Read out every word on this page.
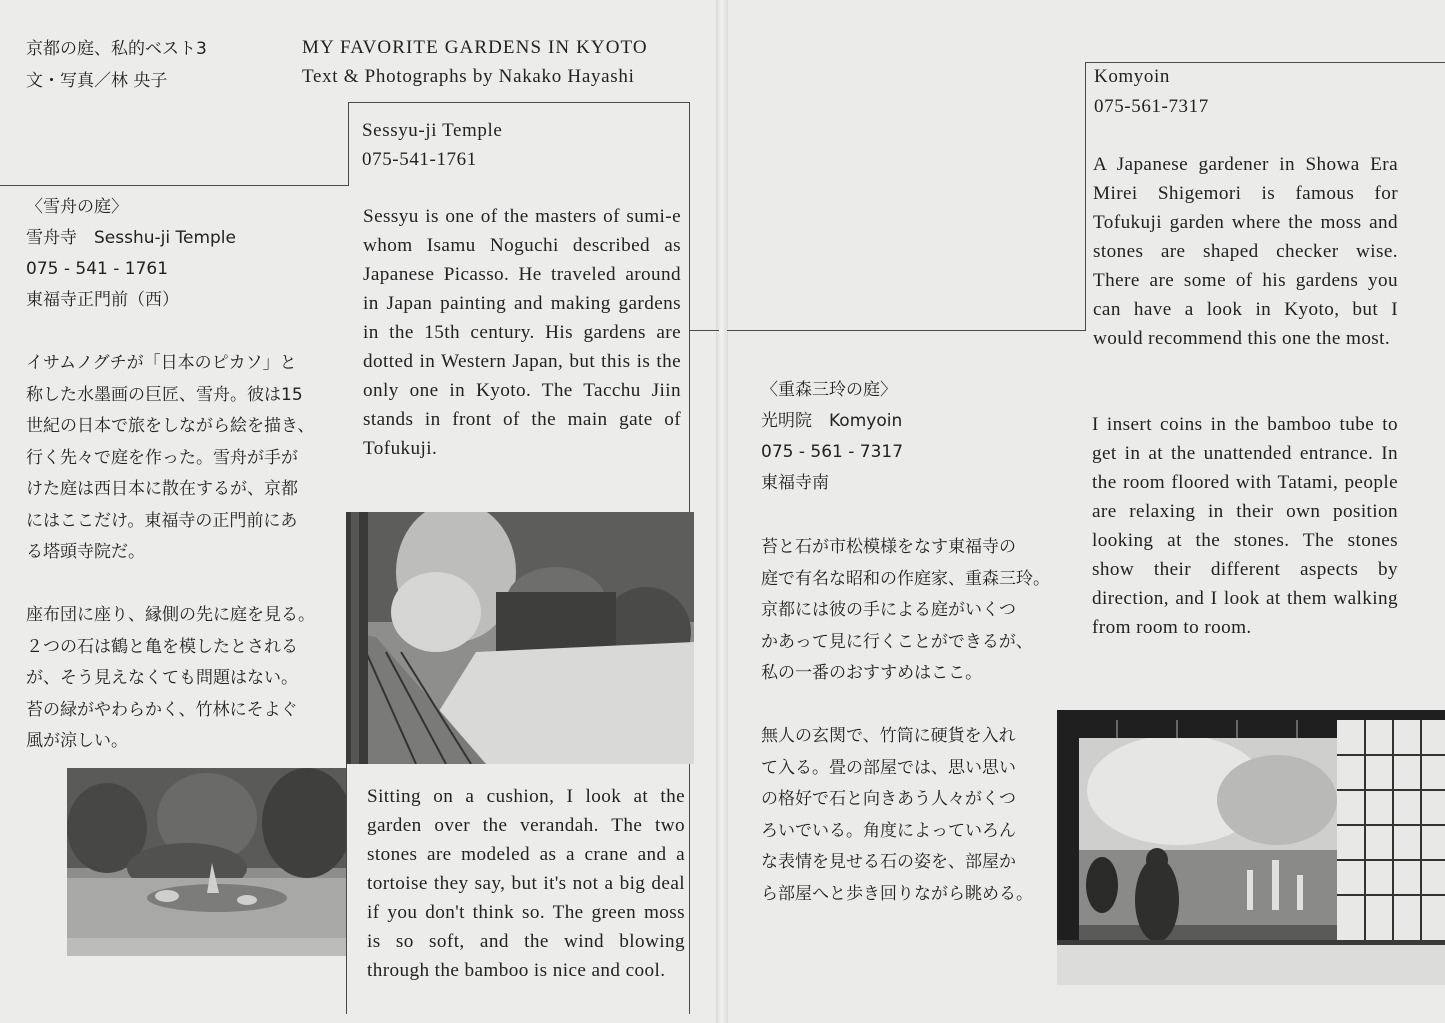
京都の庭、私的ベスト3
文・写真／林 央子
MY FAVORITE GARDENS IN KYOTO
Text & Photographs by Nakako Hayashi
Sessyu-ji Temple
075-541-1761
〈雪舟の庭〉
雪舟寺　Sesshu-ji Temple
075 - 541 - 1761
東福寺正門前（西）
イサムノグチが「日本のピカソ」と
称した水墨画の巨匠、雪舟。彼は15
世紀の日本で旅をしながら絵を描き、
行く先々で庭を作った。雪舟が手が
けた庭は西日本に散在するが、京都
にはここだけ。東福寺の正門前にあ
る塔頭寺院だ。
座布団に座り、縁側の先に庭を見る。
２つの石は鶴と亀を模したとされる
が、そう見えなくても問題はない。
苔の緑がやわらかく、竹林にそよぐ
風が涼しい。

Sessyu is one of the masters of sumi-e whom Isamu Noguchi described as Japanese Picasso. He traveled around in Japan painting and making gardens in the 15th century. His gardens are dotted in Western Japan, but this is the only one in Kyoto. The Tacchu Jiin stands in front of the main gate of Tofukuji.

Sitting on a cushion, I look at the garden over the verandah. The two stones are modeled as a crane and a tortoise they say, but it's not a big deal if you don't think so. The green moss is so soft, and the wind blowing through the bamboo is nice and cool.

Komyoin
075-561-7317

A Japanese gardener in Showa Era Mirei Shigemori is famous for Tofukuji garden where the moss and stones are shaped checker wise. There are some of his gardens you can have a look in Kyoto, but I would recommend this one the most.

I insert coins in the bamboo tube to get in at the unattended entrance. In the room floored with Tatami, people are relaxing in their own position looking at the stones. The stones show their different aspects by direction, and I look at them walking from room to room.

〈重森三玲の庭〉
光明院　Komyoin
075 - 561 - 7317
東福寺南
苔と石が市松模様をなす東福寺の
庭で有名な昭和の作庭家、重森三玲。
京都には彼の手による庭がいくつ
かあって見に行くことができるが、
私の一番のおすすめはここ。
無人の玄関で、竹筒に硬貨を入れ
て入る。畳の部屋では、思い思い
の格好で石と向きあう人々がくつ
ろいでいる。角度によっていろん
な表情を見せる石の姿を、部屋か
ら部屋へと歩き回りながら眺める。
